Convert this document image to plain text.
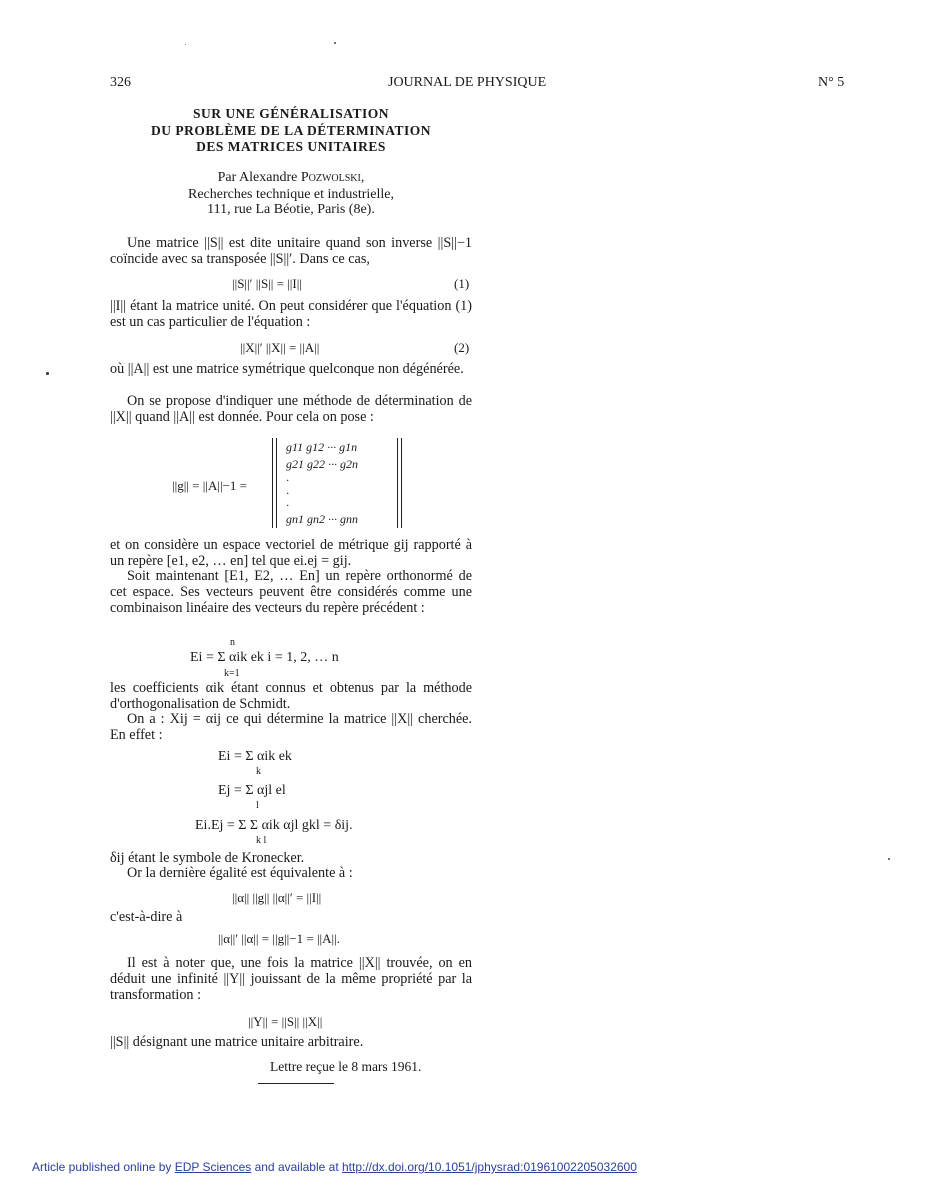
326	JOURNAL DE PHYSIQUE	N° 5
SUR UNE GÉNÉRALISATION
DU PROBLÈME DE LA DÉTERMINATION
DES MATRICES UNITAIRES
Par Alexandre Pozwolski,
Recherches technique et industrielle,
111, rue La Béotie, Paris (8e).
Une matrice ||S|| est dite unitaire quand son inverse ||S||−1 coïncide avec sa transposée ||S||′. Dans ce cas,
||S||′ ||S|| = ||I||	(1)
||I|| étant la matrice unité. On peut considérer que l'équation (1) est un cas particulier de l'équation :
||X||′ ||X|| = ||A||	(2)
où ||A|| est une matrice symétrique quelconque non dégénérée.
On se propose d'indiquer une méthode de détermination de ||X|| quand ||A|| est donnée. Pour cela on pose :
||g|| = ||A||−1 =
g11 g12 ··· g1n
g21 g22 ··· g2n
·
·
·
gn1 gn2 ··· gnn
et on considère un espace vectoriel de métrique gij rapporté à un repère [e1, e2, … en] tel que ei.ej = gij.
Soit maintenant [E1, E2, … En] un repère orthonormé de cet espace. Ses vecteurs peuvent être considérés comme une combinaison linéaire des vecteurs du repère précédent :
n
Ei = Σ αik ek i = 1, 2, … n
k=1
les coefficients αik étant connus et obtenus par la méthode d'orthogonalisation de Schmidt.
On a : Xij = αij ce qui détermine la matrice ||X|| cherchée. En effet :
Ei = Σ αik ek
k
Ej = Σ αjl el
l
Ei.Ej = Σ Σ αik αjl gkl = δij.
k l
δij étant le symbole de Kronecker.
Or la dernière égalité est équivalente à :
||α|| ||g|| ||α||′ = ||I||
c'est-à-dire à
||α||′ ||α|| = ||g||−1 = ||A||.
Il est à noter que, une fois la matrice ||X|| trouvée, on en déduit une infinité ||Y|| jouissant de la même propriété par la transformation :
||Y|| = ||S|| ||X||
||S|| désignant une matrice unitaire arbitraire.
Lettre reçue le 8 mars 1961.
Article published online by EDP Sciences and available at http://dx.doi.org/10.1051/jphysrad:01961002205032600
